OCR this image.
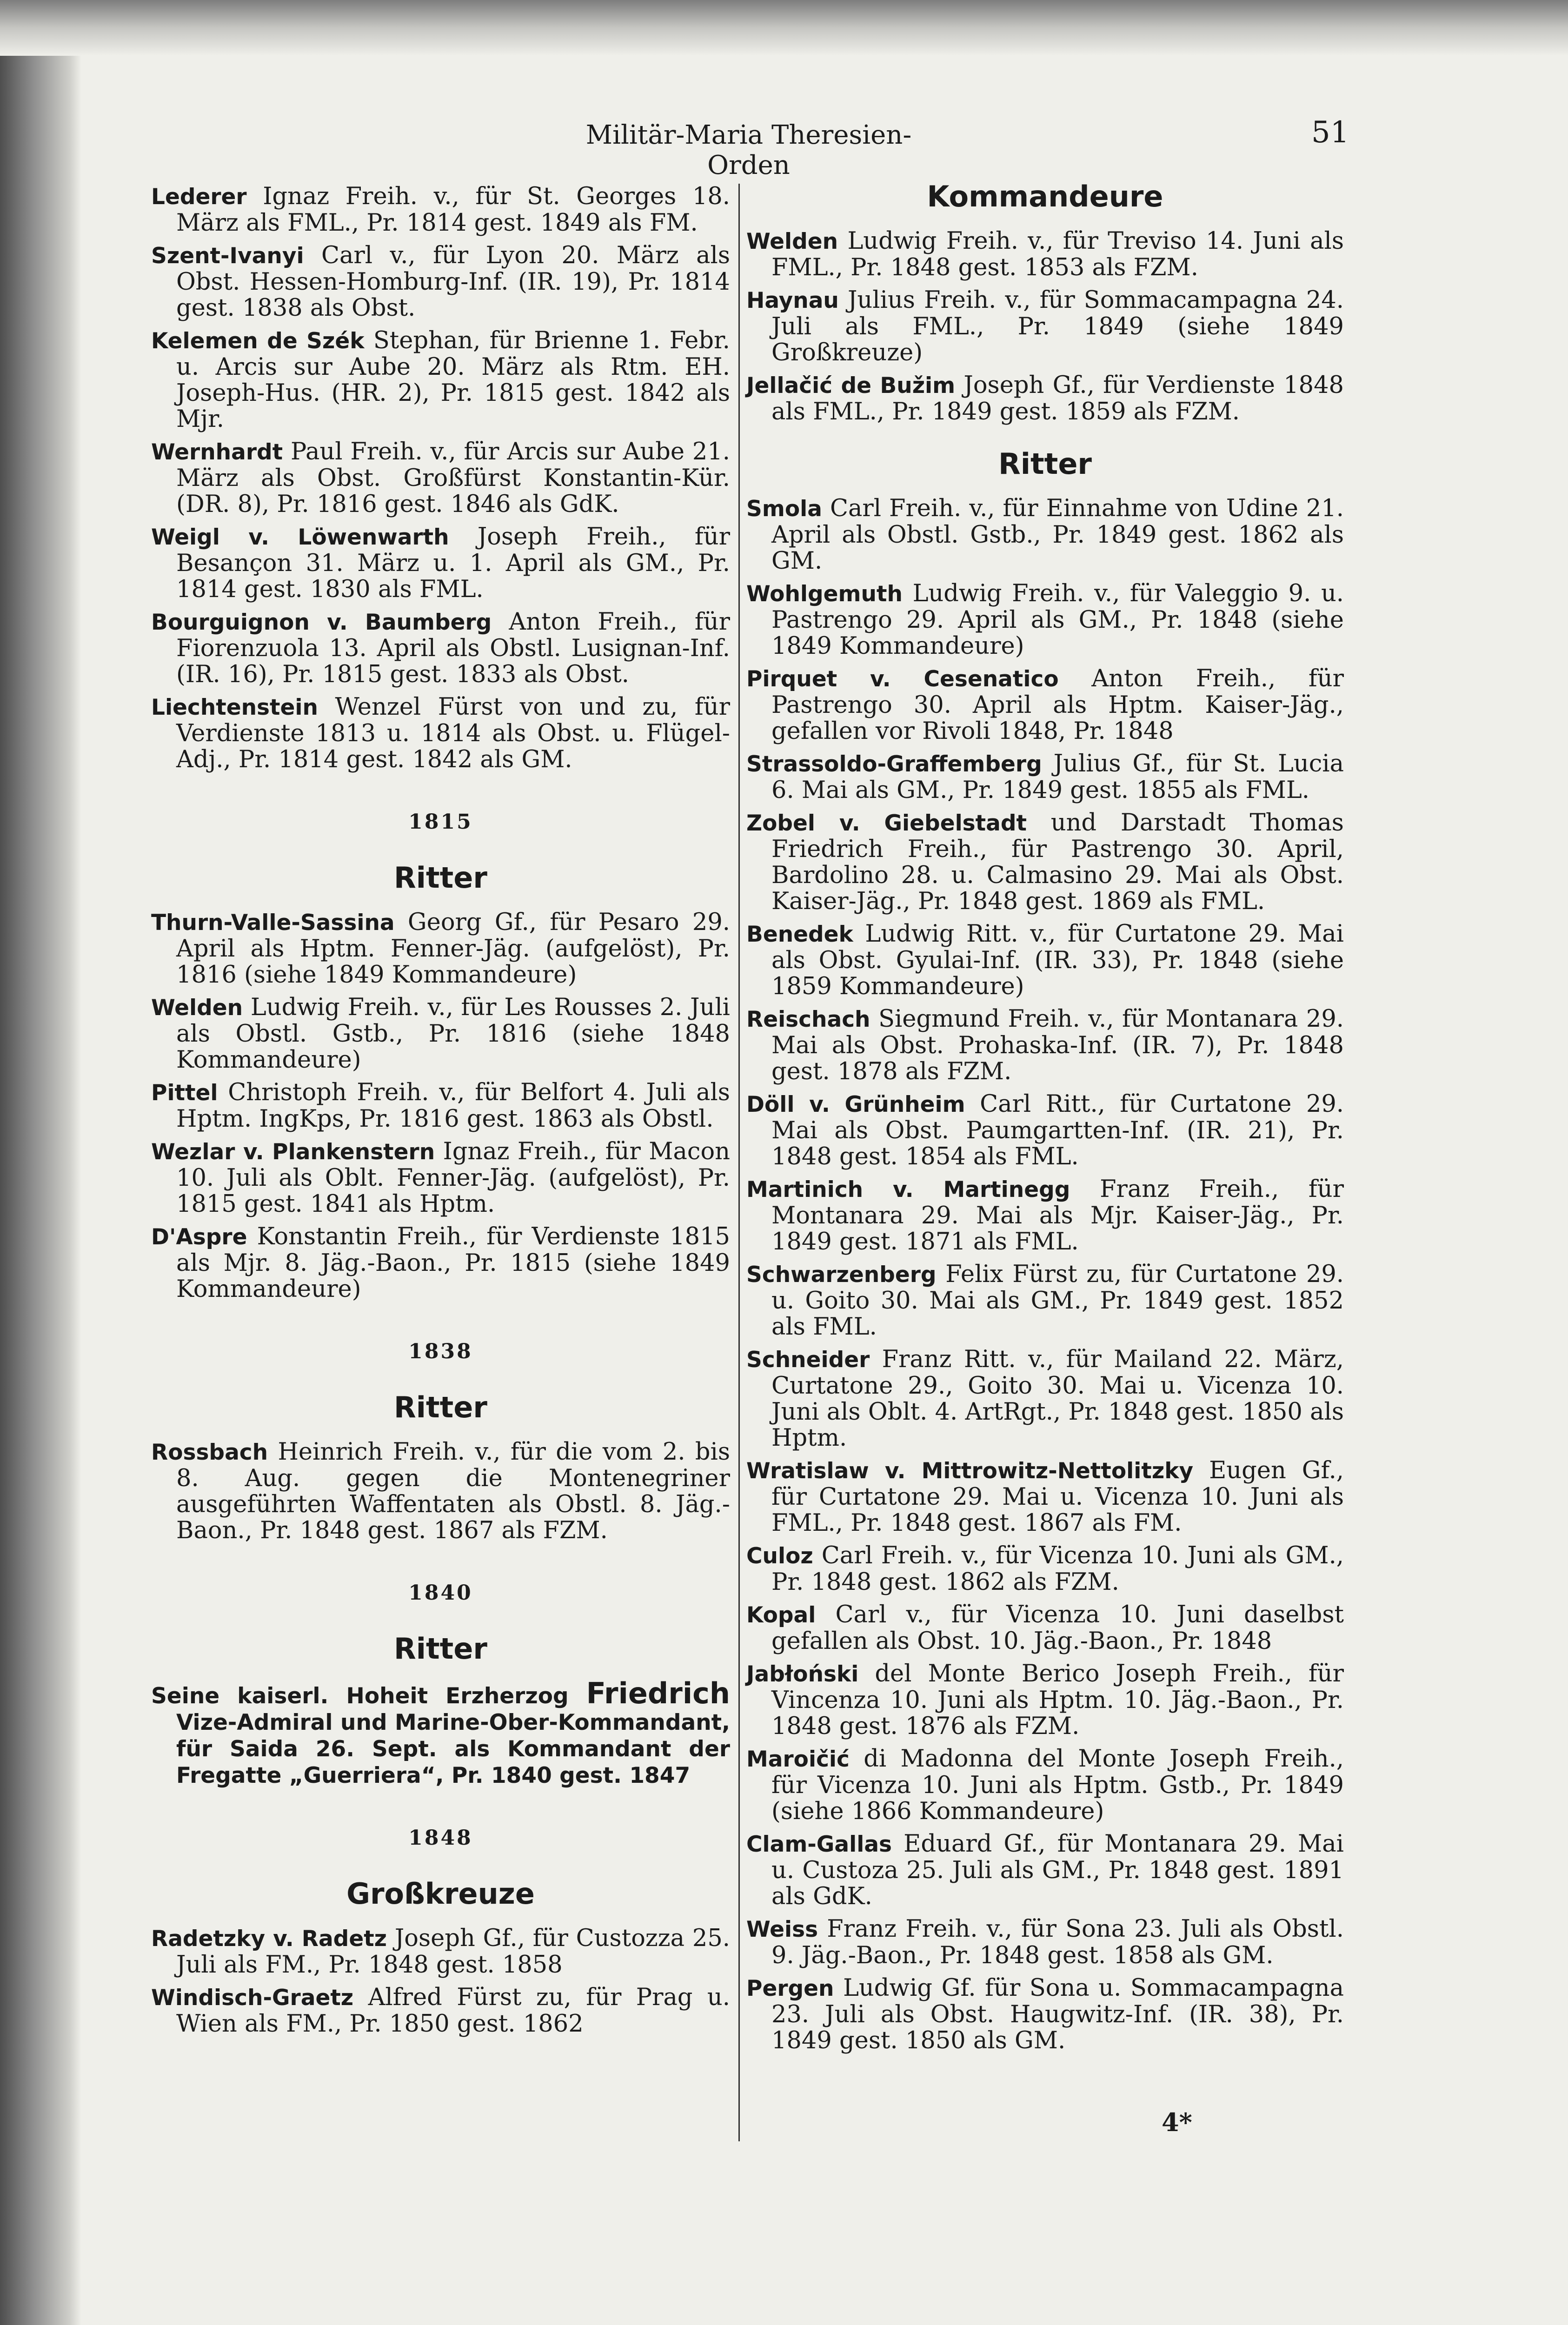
Militär-Maria Theresien-Orden
51

Lederer Ignaz Freih. v., für St. Georges 18. März als FML., Pr. 1814 gest. 1849 als FM.

Szent-Ivanyi Carl v., für Lyon 20. März als Obst. Hessen-Homburg-Inf. (IR. 19), Pr. 1814 gest. 1838 als Obst.

Kelemen de Szék Stephan, für Brienne 1. Febr. u. Arcis sur Aube 20. März als Rtm. EH. Joseph-Hus. (HR. 2), Pr. 1815 gest. 1842 als Mjr.

Wernhardt Paul Freih. v., für Arcis sur Aube 21. März als Obst. Großfürst Konstantin-Kür. (DR. 8), Pr. 1816 gest. 1846 als GdK.

Weigl v. Löwenwarth Joseph Freih., für Besançon 31. März u. 1. April als GM., Pr. 1814 gest. 1830 als FML.

Bourguignon v. Baumberg Anton Freih., für Fiorenzuola 13. April als Obstl. Lusignan-Inf. (IR. 16), Pr. 1815 gest. 1833 als Obst.

Liechtenstein Wenzel Fürst von und zu, für Verdienste 1813 u. 1814 als Obst. u. Flügel-Adj., Pr. 1814 gest. 1842 als GM.

1815
Ritter

Thurn-Valle-Sassina Georg Gf., für Pesaro 29. April als Hptm. Fenner-Jäg. (aufgelöst), Pr. 1816 (siehe 1849 Kommandeure)

Welden Ludwig Freih. v., für Les Rousses 2. Juli als Obstl. Gstb., Pr. 1816 (siehe 1848 Kommandeure)

Pittel Christoph Freih. v., für Belfort 4. Juli als Hptm. IngKps, Pr. 1816 gest. 1863 als Obstl.

Wezlar v. Plankenstern Ignaz Freih., für Macon 10. Juli als Oblt. Fenner-Jäg. (aufgelöst), Pr. 1815 gest. 1841 als Hptm.

D'Aspre Konstantin Freih., für Verdienste 1815 als Mjr. 8. Jäg.-Baon., Pr. 1815 (siehe 1849 Kommandeure)

1838
Ritter

Rossbach Heinrich Freih. v., für die vom 2. bis 8. Aug. gegen die Montenegriner ausgeführten Waffentaten als Obstl. 8. Jäg.-Baon., Pr. 1848 gest. 1867 als FZM.

1840
Ritter

Seine kaiserl. Hoheit Erzherzog Friedrich Vize-Admiral und Marine-Ober-Kommandant, für Saida 26. Sept. als Kommandant der Fregatte „Guerriera“, Pr. 1840 gest. 1847

1848
Großkreuze

Radetzky v. Radetz Joseph Gf., für Custozza 25. Juli als FM., Pr. 1848 gest. 1858

Windisch-Graetz Alfred Fürst zu, für Prag u. Wien als FM., Pr. 1850 gest. 1862

Kommandeure

Welden Ludwig Freih. v., für Treviso 14. Juni als FML., Pr. 1848 gest. 1853 als FZM.

Haynau Julius Freih. v., für Sommacampagna 24. Juli als FML., Pr. 1849 (siehe 1849 Großkreuze)

Jellačić de Bužim Joseph Gf., für Verdienste 1848 als FML., Pr. 1849 gest. 1859 als FZM.

Ritter

Smola Carl Freih. v., für Einnahme von Udine 21. April als Obstl. Gstb., Pr. 1849 gest. 1862 als GM.

Wohlgemuth Ludwig Freih. v., für Valeggio 9. u. Pastrengo 29. April als GM., Pr. 1848 (siehe 1849 Kommandeure)

Pirquet v. Cesenatico Anton Freih., für Pastrengo 30. April als Hptm. Kaiser-Jäg., gefallen vor Rivoli 1848, Pr. 1848

Strassoldo-Graffemberg Julius Gf., für St. Lucia 6. Mai als GM., Pr. 1849 gest. 1855 als FML.

Zobel v. Giebelstadt und Darstadt Thomas Friedrich Freih., für Pastrengo 30. April, Bardolino 28. u. Calmasino 29. Mai als Obst. Kaiser-Jäg., Pr. 1848 gest. 1869 als FML.

Benedek Ludwig Ritt. v., für Curtatone 29. Mai als Obst. Gyulai-Inf. (IR. 33), Pr. 1848 (siehe 1859 Kommandeure)

Reischach Siegmund Freih. v., für Montanara 29. Mai als Obst. Prohaska-Inf. (IR. 7), Pr. 1848 gest. 1878 als FZM.

Döll v. Grünheim Carl Ritt., für Curtatone 29. Mai als Obst. Paumgartten-Inf. (IR. 21), Pr. 1848 gest. 1854 als FML.

Martinich v. Martinegg Franz Freih., für Montanara 29. Mai als Mjr. Kaiser-Jäg., Pr. 1849 gest. 1871 als FML.

Schwarzenberg Felix Fürst zu, für Curtatone 29. u. Goito 30. Mai als GM., Pr. 1849 gest. 1852 als FML.

Schneider Franz Ritt. v., für Mailand 22. März, Curtatone 29., Goito 30. Mai u. Vicenza 10. Juni als Oblt. 4. ArtRgt., Pr. 1848 gest. 1850 als Hptm.

Wratislaw v. Mittrowitz-Nettolitzky Eugen Gf., für Curtatone 29. Mai u. Vicenza 10. Juni als FML., Pr. 1848 gest. 1867 als FM.

Culoz Carl Freih. v., für Vicenza 10. Juni als GM., Pr. 1848 gest. 1862 als FZM.

Kopal Carl v., für Vicenza 10. Juni daselbst gefallen als Obst. 10. Jäg.-Baon., Pr. 1848

Jabłoński del Monte Berico Joseph Freih., für Vincenza 10. Juni als Hptm. 10. Jäg.-Baon., Pr. 1848 gest. 1876 als FZM.

Maroičić di Madonna del Monte Joseph Freih., für Vicenza 10. Juni als Hptm. Gstb., Pr. 1849 (siehe 1866 Kommandeure)

Clam-Gallas Eduard Gf., für Montanara 29. Mai u. Custoza 25. Juli als GM., Pr. 1848 gest. 1891 als GdK.

Weiss Franz Freih. v., für Sona 23. Juli als Obstl. 9. Jäg.-Baon., Pr. 1848 gest. 1858 als GM.

Pergen Ludwig Gf. für Sona u. Sommacampagna 23. Juli als Obst. Haugwitz-Inf. (IR. 38), Pr. 1849 gest. 1850 als GM.

4*
